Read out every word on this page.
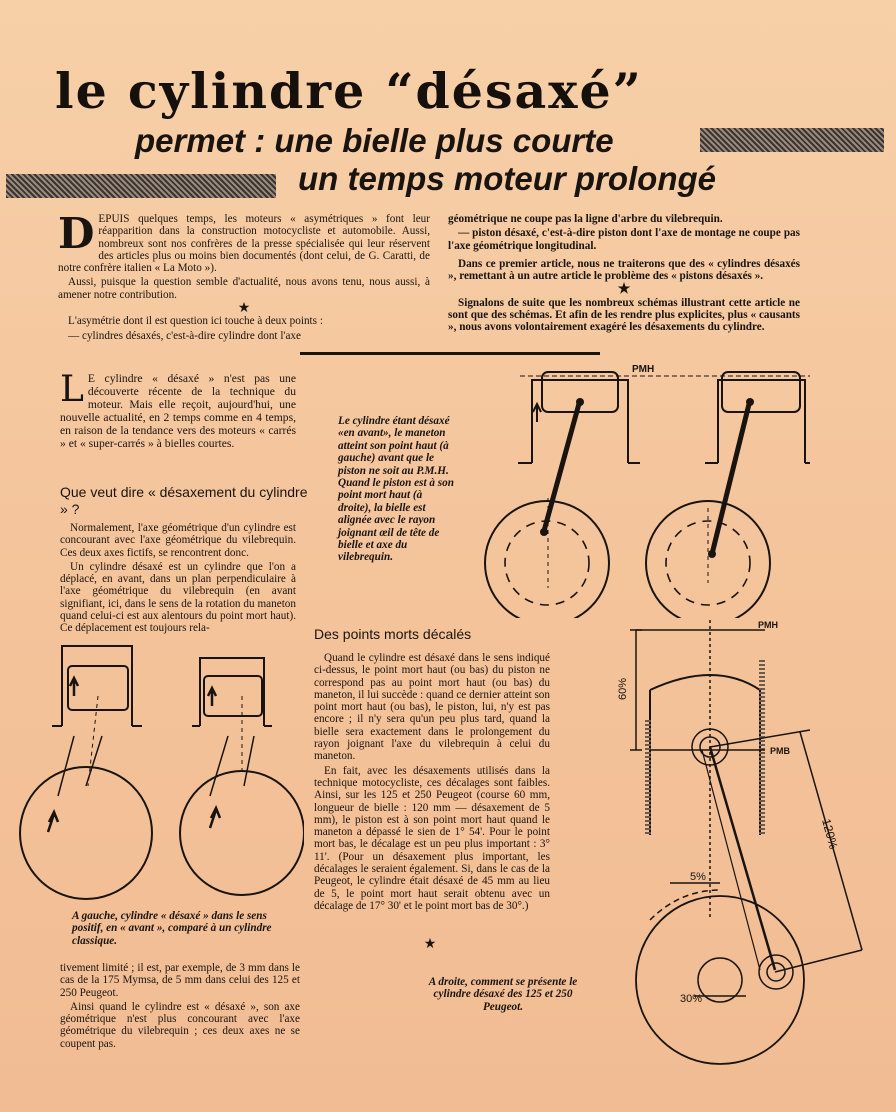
le cylindre “désaxé”
permet : une bielle plus courte
un temps moteur prolongé
D EPUIS quelques temps, les moteurs « asymétriques » font leur réapparition dans la construction motocycliste et automobile. Aussi, nombreux sont nos confrères de la presse spécialisée qui leur réservent des articles plus ou moins bien documentés (dont celui, de G. Caratti, de notre confrère italien « La Moto »).

Aussi, puisque la question semble d'actualité, nous avons tenu, nous aussi, à amener notre contribution.

★

L'asymétrie dont il est question ici touche à deux points :

— cylindres désaxés, c'est-à-dire cylindre dont l'axe

géométrique ne coupe pas la ligne d'arbre du vilebrequin.

— piston désaxé, c'est-à-dire piston dont l'axe de montage ne coupe pas l'axe géométrique longitudinal.

Dans ce premier article, nous ne traiterons que des « cylindres désaxés », remettant à un autre article le problème des « pistons désaxés ».

★

Signalons de suite que les nombreux schémas illustrant cette article ne sont que des schémas. Et afin de les rendre plus explicites, plus « causants », nous avons volontairement exagéré les désaxements du cylindre.

L E cylindre « désaxé » n'est pas une découverte récente de la technique du moteur. Mais elle reçoit, aujourd'hui, une nouvelle actualité, en 2 temps comme en 4 temps, en raison de la tendance vers des moteurs « carrés » et « super-carrés » à bielles courtes.

Que veut dire « désaxement du cylindre » ?

Normalement, l'axe géométrique d'un cylindre est concourant avec l'axe géométrique du vilebrequin. Ces deux axes fictifs, se rencontrent donc.

Un cylindre désaxé est un cylindre que l'on a déplacé, en avant, dans un plan perpendiculaire à l'axe géométrique du vilebrequin (en avant signifiant, ici, dans le sens de la rotation du maneton quand celui-ci est aux alentours du point mort haut). Ce déplacement est toujours rela-

A gauche, cylindre « désaxé » dans le sens positif, en « avant », comparé à un cylindre classique.

tivement limité ; il est, par exemple, de 3 mm dans le cas de la 175 Mymsa, de 5 mm dans celui des 125 et 250 Peugeot.

Ainsi quand le cylindre est « désaxé », son axe géométrique n'est plus concourant avec l'axe géométrique du vilebrequin ; ces deux axes ne se coupent pas.

Le cylindre étant désaxé «en avant», le maneton atteint son point haut (à gauche) avant que le piston ne soit au P.M.H. Quand le piston est à son point mort haut (à droite), la bielle est alignée avec le rayon joignant œil de tête de bielle et axe du vilebrequin.
Des points morts décalés

Quand le cylindre est désaxé dans le sens indiqué ci-dessus, le point mort haut (ou bas) du piston ne correspond pas au point mort haut (ou bas) du maneton, il lui succède : quand ce dernier atteint son point mort haut (ou bas), le piston, lui, n'y est pas encore ; il n'y sera qu'un peu plus tard, quand la bielle sera exactement dans le prolongement du rayon joignant l'axe du vilebrequin à celui du maneton.

En fait, avec les désaxements utilisés dans la technique motocycliste, ces décalages sont faibles. Ainsi, sur les 125 et 250 Peugeot (course 60 mm, longueur de bielle : 120 mm — désaxement de 5 mm), le piston est à son point mort haut quand le maneton a dépassé le sien de 1° 54'. Pour le point mort bas, le décalage est un peu plus important : 3° 11'. (Pour un désaxement plus important, les décalages le seraient également. Si, dans le cas de la Peugeot, le cylindre était désaxé de 45 mm au lieu de 5, le point mort haut serait obtenu avec un décalage de 17° 30' et le point mort bas de 30°.)

★
A droite, comment se présente le cylindre désaxé des 125 et 250 Peugeot.
PMH
PMH
PMB
60%
120%
5%
30%
